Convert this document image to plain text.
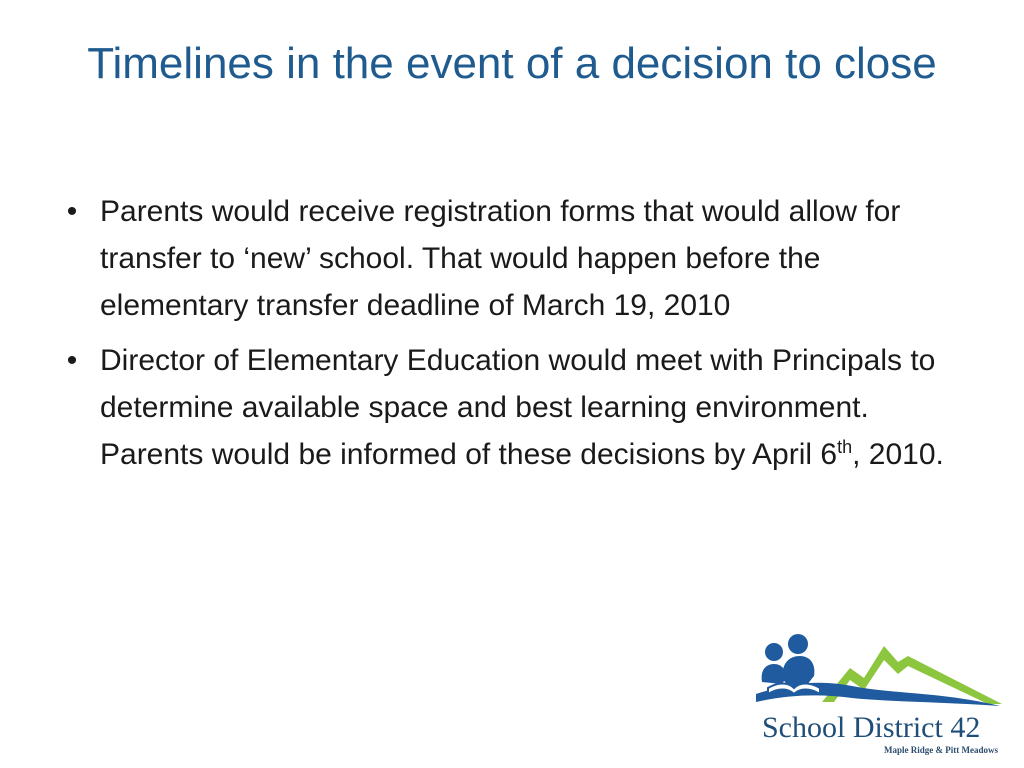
Timelines in the event of a decision to close
• Parents would receive registration forms that would allow for transfer to ‘new’ school. That would happen before the elementary transfer deadline of March 19, 2010
• Director of Elementary Education would meet with Principals to determine available space and best learning environment. Parents would be informed of these decisions by April 6th, 2010.
School District 42
Maple Ridge & Pitt Meadows
